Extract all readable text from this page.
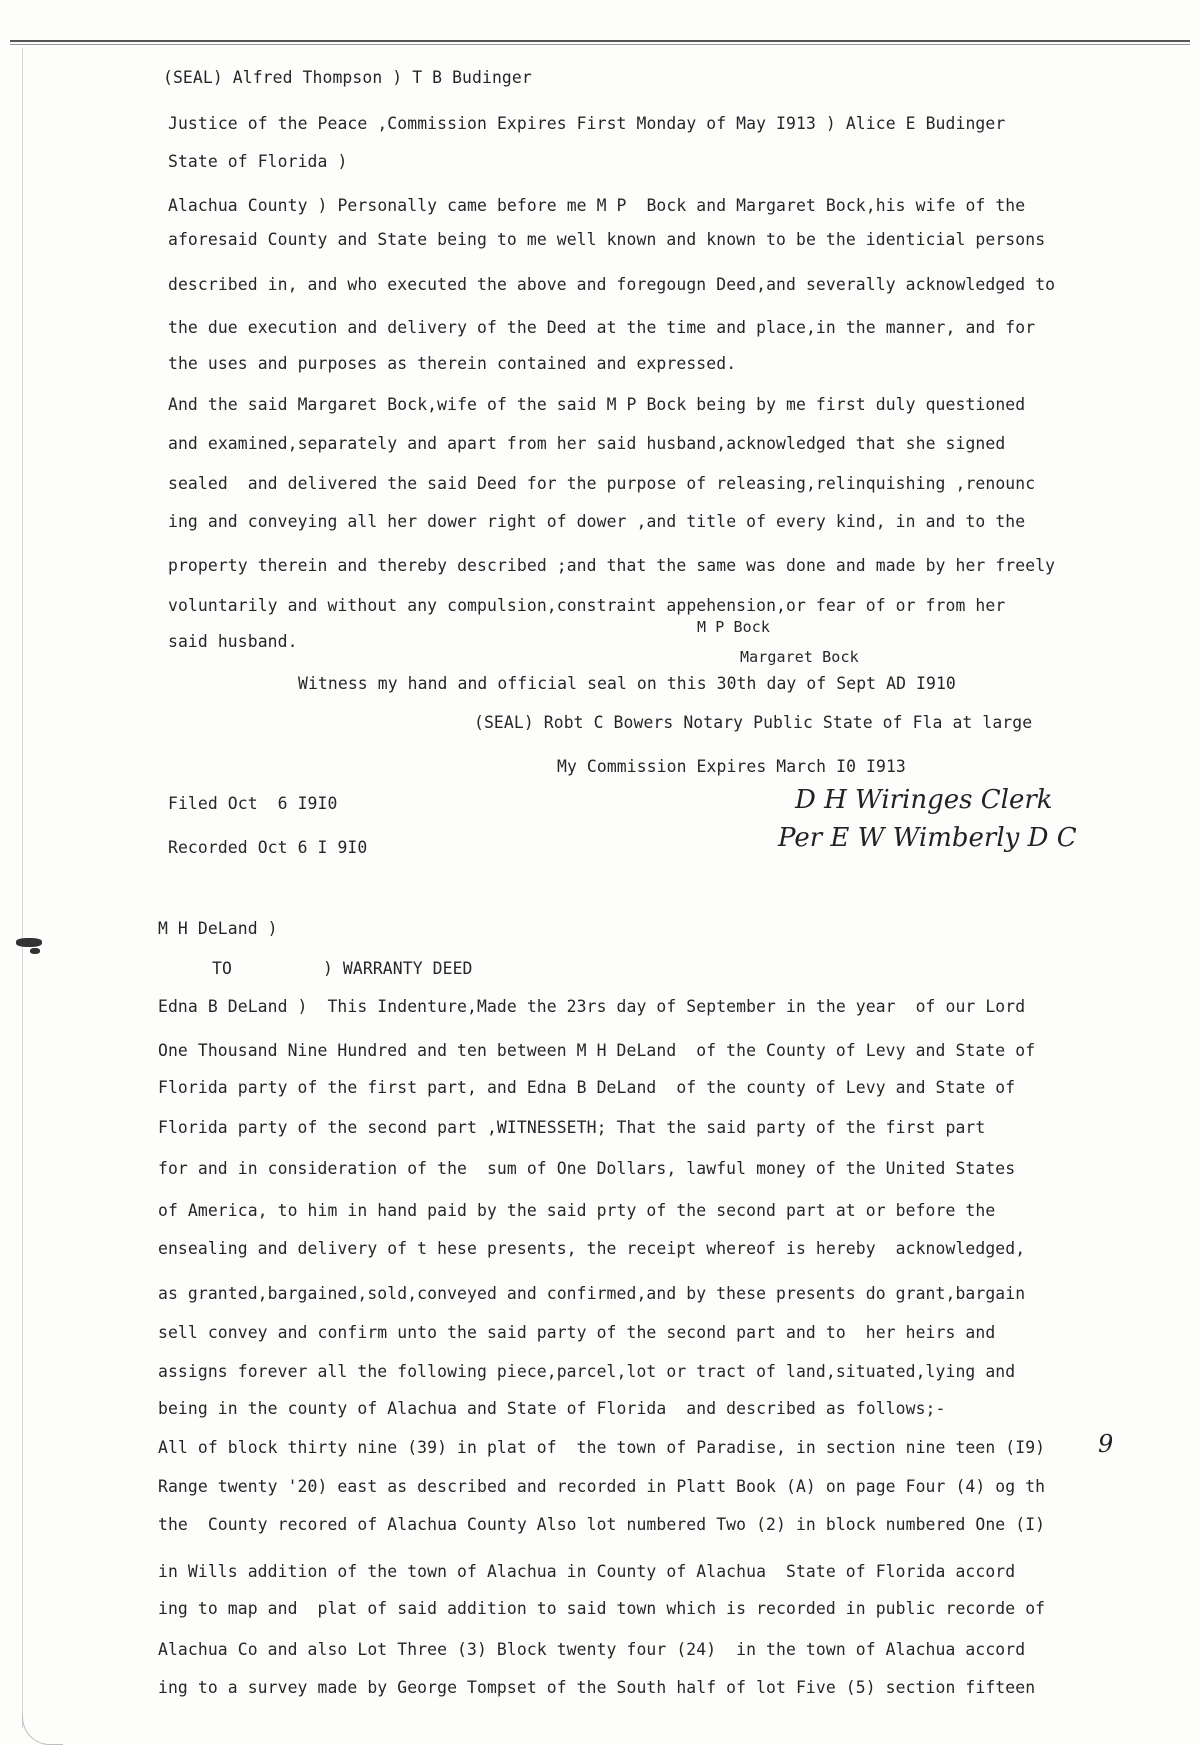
(SEAL) Alfred Thompson ) T B Budinger
Justice of the Peace ,Commission Expires First Monday of May I913 ) Alice E Budinger
State of Florida )
Alachua County ) Personally came before me M P  Bock and Margaret Bock,his wife of the
aforesaid County and State being to me well known and known to be the identicial persons
described in, and who executed the above and foregougn Deed,and severally acknowledged to
the due execution and delivery of the Deed at the time and place,in the manner, and for
the uses and purposes as therein contained and expressed.
And the said Margaret Bock,wife of the said M P Bock being by me first duly questioned
and examined,separately and apart from her said husband,acknowledged that she signed
sealed  and delivered the said Deed for the purpose of releasing,relinquishing ,renounc
ing and conveying all her dower right of dower ,and title of every kind, in and to the
property therein and thereby described ;and that the same was done and made by her freely
voluntarily and without any compulsion,constraint appehension,or fear of or from her
said husband.
M P Bock
Margaret Bock
Witness my hand and official seal on this 30th day of Sept AD I910
(SEAL) Robt C Bowers Notary Public State of Fla at large
My Commission Expires March I0 I913
Filed Oct  6 I9I0
Recorded Oct 6 I 9I0
D H Wiringes Clerk
Per E W Wimberly D C
M H DeLand )
TO	) WARRANTY DEED
Edna B DeLand )  This Indenture,Made the 23rs day of September in the year  of our Lord
One Thousand Nine Hundred and ten between M H DeLand  of the County of Levy and State of
Florida party of the first part, and Edna B DeLand  of the county of Levy and State of
Florida party of the second part ,WITNESSETH; That the said party of the first part
for and in consideration of the  sum of One Dollars, lawful money of the United States
of America, to him in hand paid by the said prty of the second part at or before the
ensealing and delivery of t hese presents, the receipt whereof is hereby  acknowledged,
as granted,bargained,sold,conveyed and confirmed,and by these presents do grant,bargain
sell convey and confirm unto the said party of the second part and to  her heirs and
assigns forever all the following piece,parcel,lot or tract of land,situated,lying and
being in the county of Alachua and State of Florida  and described as follows;-
All of block thirty nine (39) in plat of  the town of Paradise, in section nine teen (I9)
Range twenty '20) east as described and recorded in Platt Book (A) on page Four (4) og th
the  County recored of Alachua County Also lot numbered Two (2) in block numbered One (I)
in Wills addition of the town of Alachua in County of Alachua  State of Florida accord
ing to map and  plat of said addition to said town which is recorded in public recorde of
Alachua Co and also Lot Three (3) Block twenty four (24)  in the town of Alachua accord
ing to a survey made by George Tompset of the South half of lot Five (5) section fifteen
9
